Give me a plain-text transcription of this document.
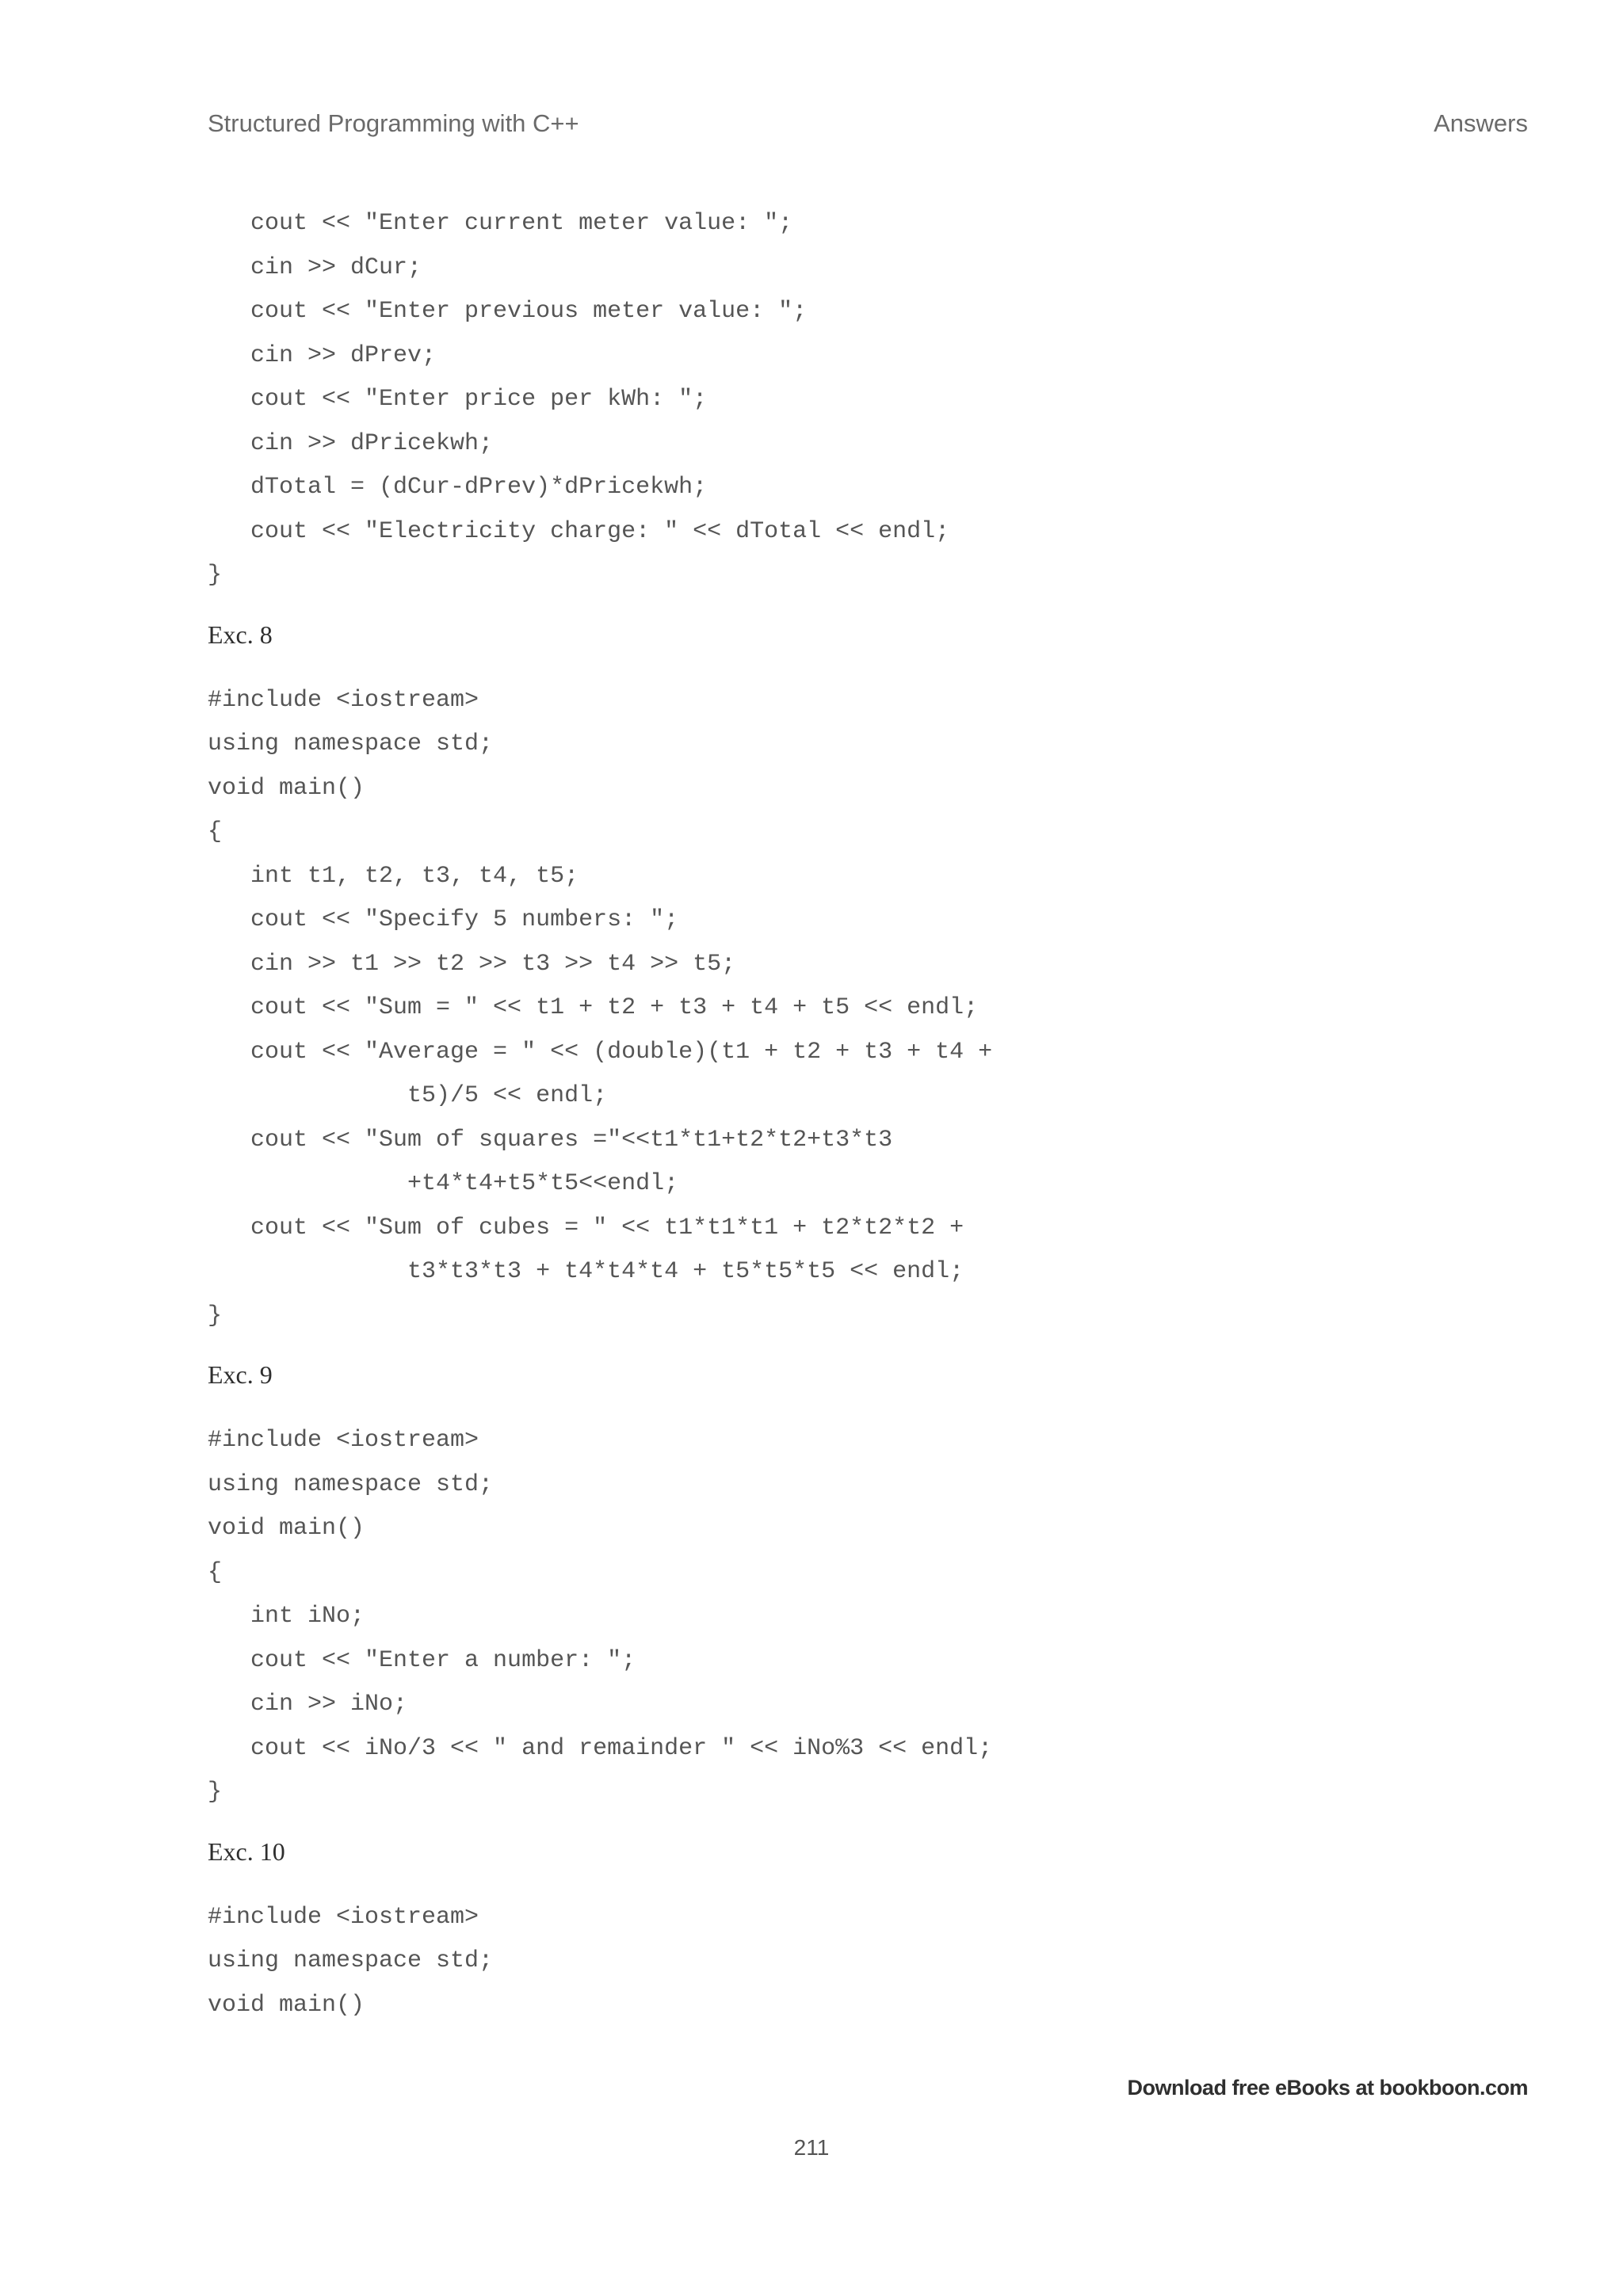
Structured Programming with C++	Answers
cout << "Enter current meter value: ";
cin >> dCur;
cout << "Enter previous meter value: ";
cin >> dPrev;
cout << "Enter price per kWh: ";
cin >> dPricekwh;
dTotal = (dCur-dPrev)*dPricekwh;
cout << "Electricity charge: " << dTotal << endl;
}
Exc. 8
#include <iostream>
using namespace std;
void main()
{
int t1, t2, t3, t4, t5;
cout << "Specify 5 numbers: ";
cin >> t1 >> t2 >> t3 >> t4 >> t5;
cout << "Sum = " << t1 + t2 + t3 + t4 + t5 << endl;
cout << "Average = " << (double)(t1 + t2 + t3 + t4 +
t5)/5 << endl;
cout << "Sum of squares ="<<t1*t1+t2*t2+t3*t3
+t4*t4+t5*t5<<endl;
cout << "Sum of cubes = " << t1*t1*t1 + t2*t2*t2 +
t3*t3*t3 + t4*t4*t4 + t5*t5*t5 << endl;
}
Exc. 9
#include <iostream>
using namespace std;
void main()
{
int iNo;
cout << "Enter a number: ";
cin >> iNo;
cout << iNo/3 << " and remainder " << iNo%3 << endl;
}
Exc. 10
#include <iostream>
using namespace std;
void main()
Download free eBooks at bookboon.com
211
